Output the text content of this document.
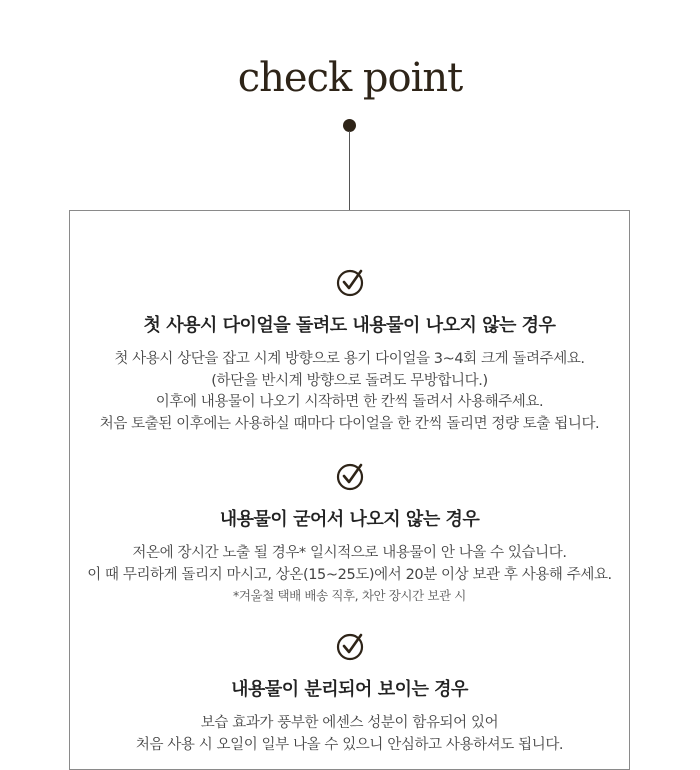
check point
첫 사용시 다이얼을 돌려도 내용물이 나오지 않는 경우

첫 사용시 상단을 잡고 시계 방향으로 용기 다이얼을 3~4회 크게 돌려주세요.

(하단을 반시계 방향으로 돌려도 무방합니다.)

이후에 내용물이 나오기 시작하면 한 칸씩 돌려서 사용해주세요.

처음 토출된 이후에는 사용하실 때마다 다이얼을 한 칸씩 돌리면 정량 토출 됩니다.

내용물이 굳어서 나오지 않는 경우

저온에 장시간 노출 될 경우* 일시적으로 내용물이 안 나올 수 있습니다.

이 때 무리하게 돌리지 마시고, 상온(15~25도)에서 20분 이상 보관 후 사용해 주세요.

*겨울철 택배 배송 직후, 차안 장시간 보관 시

내용물이 분리되어 보이는 경우

보습 효과가 풍부한 에센스 성분이 함유되어 있어

처음 사용 시 오일이 일부 나올 수 있으니 안심하고 사용하셔도 됩니다.
